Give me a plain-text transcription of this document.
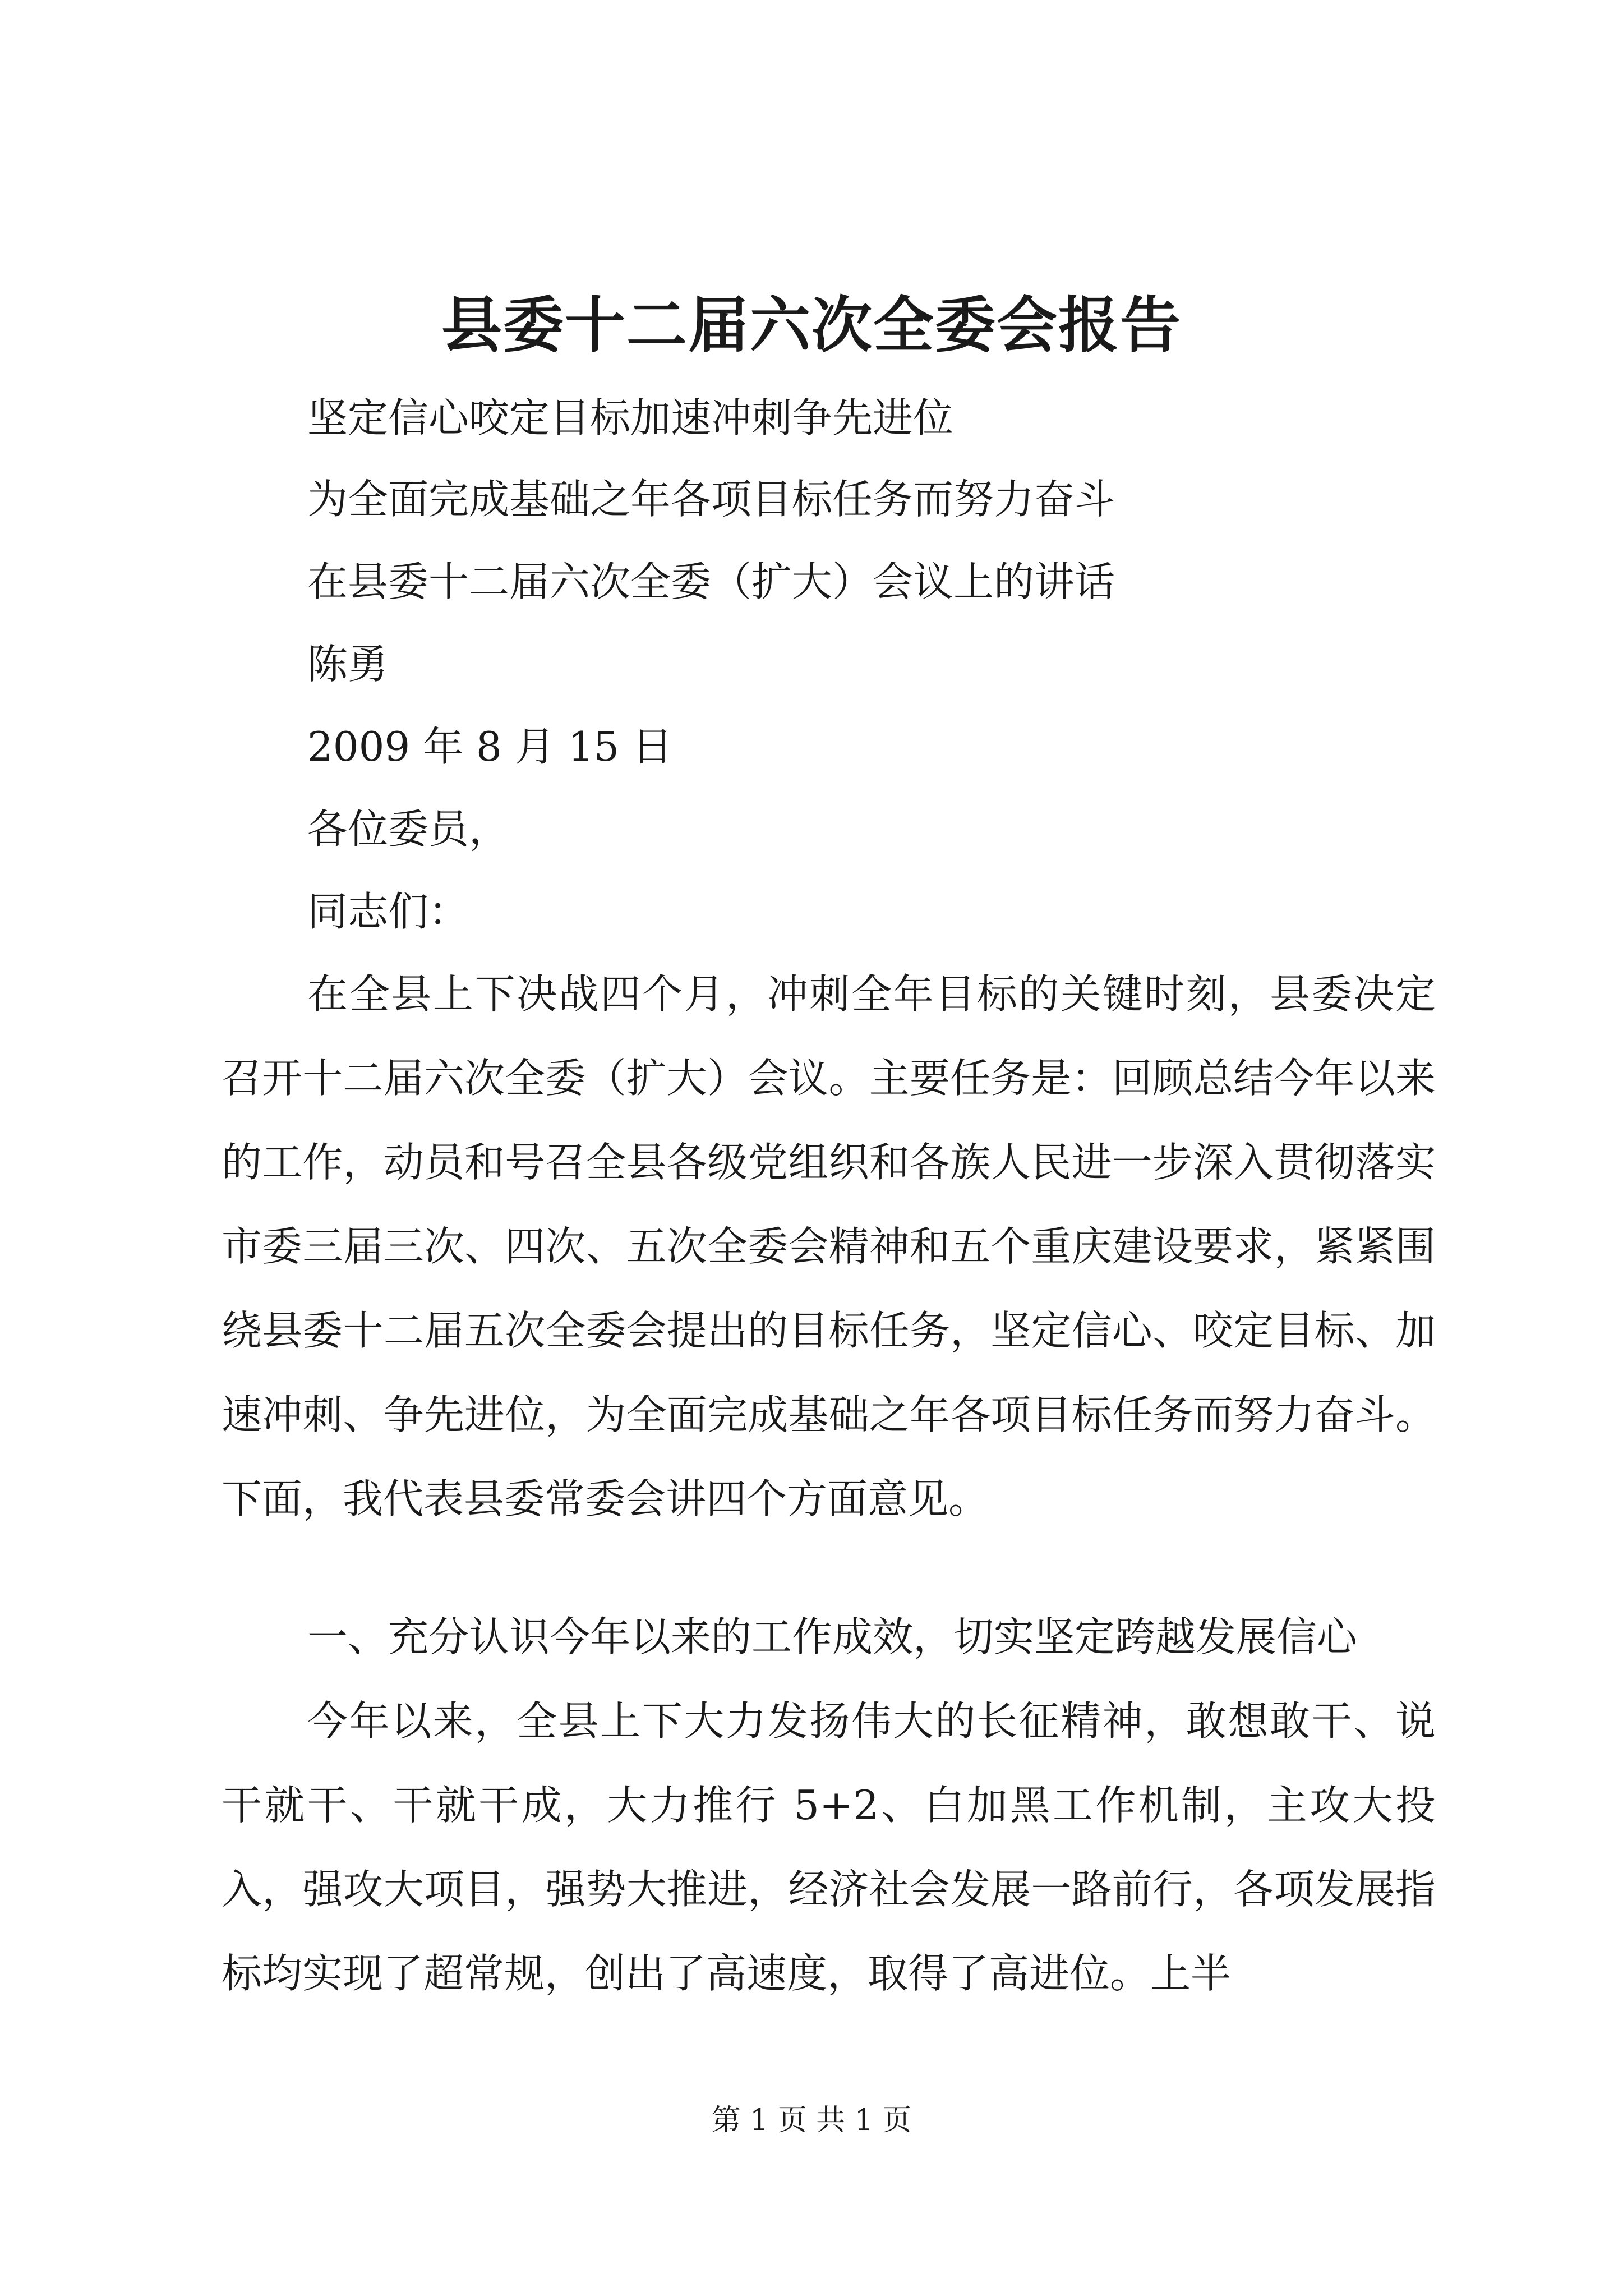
县委十二届六次全委会报告

坚定信心咬定目标加速冲刺争先进位

为全面完成基础之年各项目标任务而努力奋斗

在县委十二届六次全委（扩大）会议上的讲话

陈勇

2009 年 8 月 15 日

各位委员，

同志们：

在全县上下决战四个月，冲刺全年目标的关键时刻，县委决定召开十二届六次全委（扩大）会议。主要任务是：回顾总结今年以来的工作，动员和号召全县各级党组织和各族人民进一步深入贯彻落实市委三届三次、四次、五次全委会精神和五个重庆建设要求，紧紧围绕县委十二届五次全委会提出的目标任务，坚定信心、咬定目标、加速冲刺、争先进位，为全面完成基础之年各项目标任务而努力奋斗。下面，我代表县委常委会讲四个方面意见。

一、充分认识今年以来的工作成效，切实坚定跨越发展信心

今年以来，全县上下大力发扬伟大的长征精神，敢想敢干、说干就干、干就干成，大力推行 5+2、白加黑工作机制，主攻大投入，强攻大项目，强势大推进，经济社会发展一路前行，各项发展指标均实现了超常规，创出了高速度，取得了高进位。上半

第 1 页 共 1 页
